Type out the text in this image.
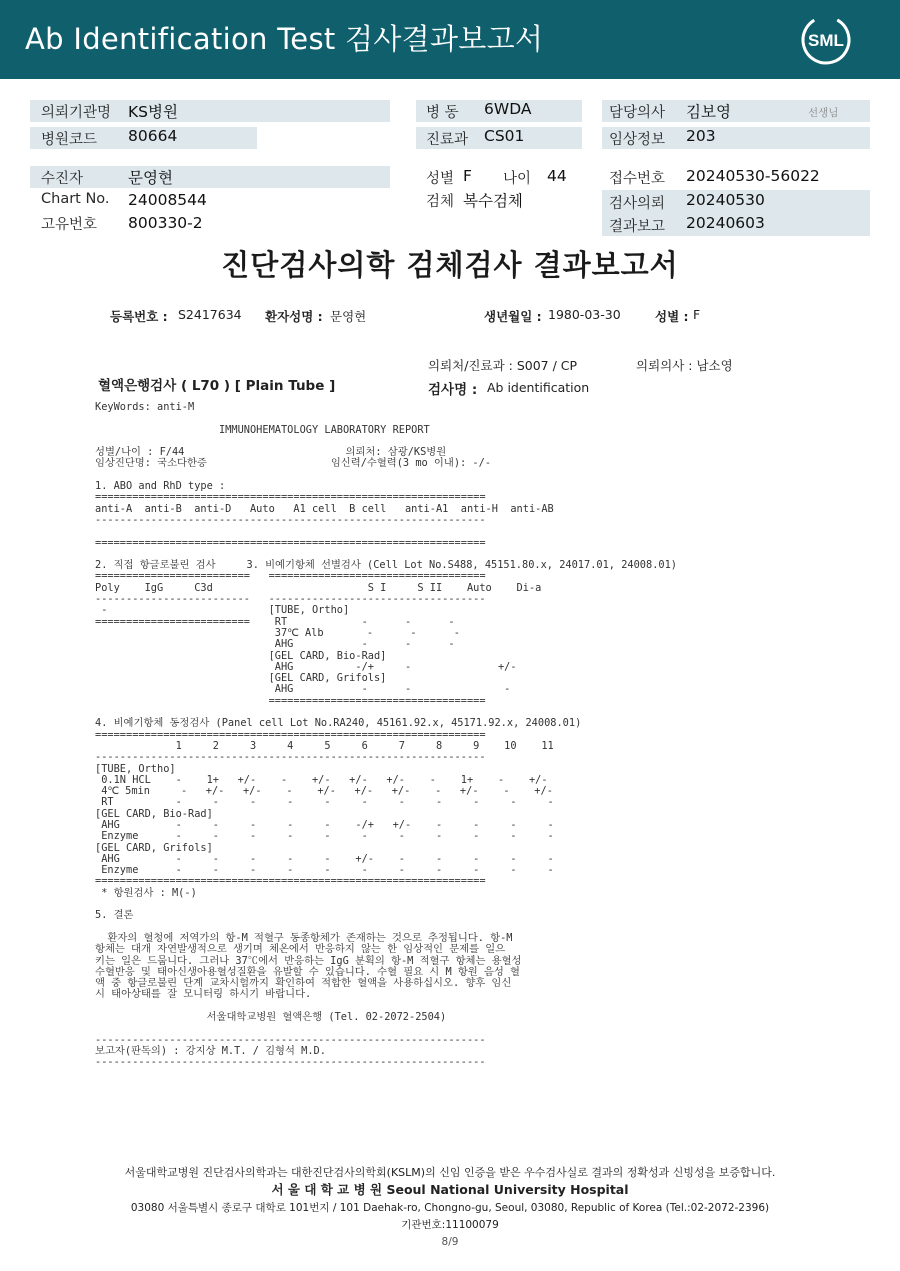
Ab Identification Test 검사결과보고서	SML
의뢰기관명 KS병원
병원코드 80664
병 동 6WDA
진료과 CS01
담당의사 김보영	선생님
임상정보 203
수진자	문영현
Chart No. 24008544
고유번호 800330-2
성별 F 나이 44
검체 복수검체
접수번호 20240530-56022
검사의뢰 20240530
결과보고 20240603
진단검사의학 검체검사 결과보고서
등록번호 : S2417634 환자성명 : 문영현	생년월일 : 1980-03-30	성별 : F
의뢰처/진료과 : S007 / CP	의뢰의사 : 남소영
혈액은행검사 ( L70 ) [ Plain Tube ]	검사명 : Ab identification
KeyWords: anti-M

IMMUNOHEMATOLOGY LABORATORY REPORT

성별/나이 : F/44                          의뢰처: 삼광/KS병원
임상진단명: 국소다한증                    임신력/수혈력(3 mo 이내): -/-

1. ABO and RhD type :
===============================================================
anti-A  anti-B  anti-D   Auto   A1 cell  B cell   anti-A1  anti-H  anti-AB
---------------------------------------------------------------

===============================================================

2. 직접 항글로불린 검사     3. 비예기항체 선별검사 (Cell Lot No.S488, 45151.80.x, 24017.01, 24008.01)
=========================   ===================================
Poly    IgG     C3d                         S I     S II    Auto    Di-a
-------------------------   -----------------------------------
-                          [TUBE, Ortho]
=========================    RT            -      -      -
37℃ Alb       -      -      -
AHG           -      -      -
[GEL CARD, Bio-Rad]
AHG          -/+     -              +/-
[GEL CARD, Grifols]
AHG           -      -               -
===================================

4. 비예기항체 동정검사 (Panel cell Lot No.RA240, 45161.92.x, 45171.92.x, 24008.01)
===============================================================
1     2     3     4     5     6     7     8     9    10    11
---------------------------------------------------------------
[TUBE, Ortho]
0.1N HCL    -    1+   +/-    -    +/-   +/-   +/-    -    1+    -    +/-
4℃ 5min     -   +/-   +/-    -    +/-   +/-   +/-    -   +/-    -    +/-
RT          -     -     -     -     -     -     -     -     -     -     -
[GEL CARD, Bio-Rad]
AHG         -     -     -     -     -    -/+   +/-    -     -     -     -
Enzyme      -     -     -     -     -     -     -     -     -     -     -
[GEL CARD, Grifols]
AHG         -     -     -     -     -    +/-    -     -     -     -     -
Enzyme      -     -     -     -     -     -     -     -     -     -     -
===============================================================
* 항원검사 : M(-)

5. 결론

환자의 혈청에 저역가의 항-M 적혈구 동종항체가 존재하는 것으로 추정됩니다. 항-M
항체는 대개 자연발생적으로 생기며 체온에서 반응하지 않는 한 임상적인 문제를 일으
키는 일은 드뭅니다. 그러나 37℃에서 반응하는 IgG 분획의 항-M 적혈구 항체는 용혈성
수혈반응 및 태아신생아용혈성질환을 유발할 수 있습니다. 수혈 필요 시 M 항원 음성 혈
액 중 항글로불린 단계 교차시험까지 확인하여 적합한 혈액을 사용하십시오. 향후 임신
시 태아상태를 잘 모니터링 하시기 바랍니다.

서울대학교병원 혈액은행 (Tel. 02-2072-2504)

---------------------------------------------------------------
보고자(판독의) : 강지상 M.T. / 김형석 M.D.
---------------------------------------------------------------
서울대학교병원 진단검사의학과는 대한진단검사의학회(KSLM)의 신임 인증을 받은 우수검사실로 결과의 정확성과 신빙성을 보증합니다.
서 울 대 학 교 병 원 Seoul National University Hospital
03080 서울특별시 종로구 대학로 101번지 / 101 Daehak-ro, Chongno-gu, Seoul, 03080, Republic of Korea (Tel.:02-2072-2396)
기관번호:11100079
8/9
